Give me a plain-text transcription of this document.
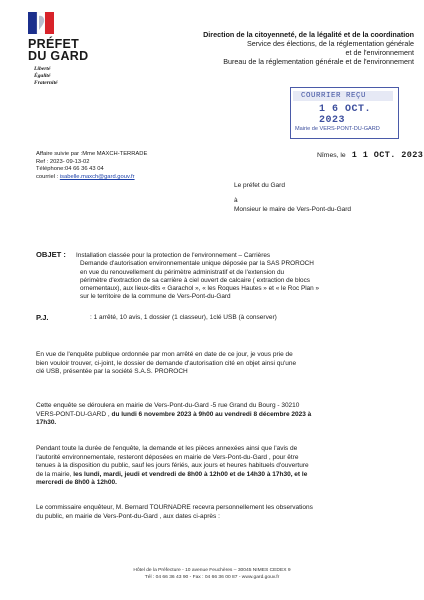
PRÉFET
DU GARD
Liberté
Égalité
Fraternité
Direction de la citoyenneté, de la légalité et de la coordination
Service des élections, de la réglementation générale
et de l'environnement
Bureau de la réglementation générale et de l'environnement
COURRIER REÇU
1 6 OCT. 2023
Mairie de VERS-PONT-DU-GARD
Affaire suivie par :Mme MAXCH-TERRADE
Ref : 2023- 09-13-02
Téléphone:04 66 36 43 04
courriel : isabelle.maxch@gard.gouv.fr
Nîmes, le 1 1 OCT. 2023
Le préfet du Gard
à
Monsieur le maire de Vers-Pont-du-Gard
OBJET : Installation classée pour la protection de l'environnement – Carrières
Demande d'autorisation environnementale unique déposée par la SAS PROROCH
en vue du renouvellement du périmètre administratif et de l'extension du
périmètre d'extraction de sa carrière à ciel ouvert de calcaire ( extraction de blocs
ornementaux), aux lieux-dits « Garachol », « les Roques Hautes » et « le Roc Plan »
sur le territoire de la commune de Vers-Pont-du-Gard
P.J.	: 1 arrêté, 10 avis, 1 dossier (1 classeur), 1clé USB (à conserver)
En vue de l'enquête publique ordonnée par mon arrêté en date de ce jour, je vous prie de
bien vouloir trouver, ci-joint, le dossier de demande d'autorisation cité en objet ainsi qu'une
clé USB, présentée par la société S.A.S. PROROCH
Cette enquête se déroulera en mairie de Vers-Pont-du-Gard -5 rue Grand du Bourg - 30210
VERS-PONT-DU-GARD , du lundi 6 novembre 2023 à 9h00 au vendredi 8 décembre 2023 à
17h30.
Pendant toute la durée de l'enquête, la demande et les pièces annexées ainsi que l'avis de
l'autorité environnementale, resteront déposées en mairie de Vers-Pont-du-Gard , pour être
tenues à la disposition du public, sauf les jours fériés, aux jours et heures habituels d'ouverture
de la mairie, les lundi, mardi, jeudi et vendredi de 8h00 à 12h00 et de 14h30 à 17h30, et le
mercredi de 8h00 à 12h00.
Le commissaire enquêteur, M. Bernard TOURNADRE recevra personnellement les observations
du public, en mairie de Vers-Pont-du-Gard , aux dates ci-après :
Hôtel de la Préfecture - 10 avenue Feuchères – 30045 NIMES CEDEX 9
Tél : 04 66 36 43 90 - Fax : 04 66 36 00 87 - www.gard.gouv.fr
